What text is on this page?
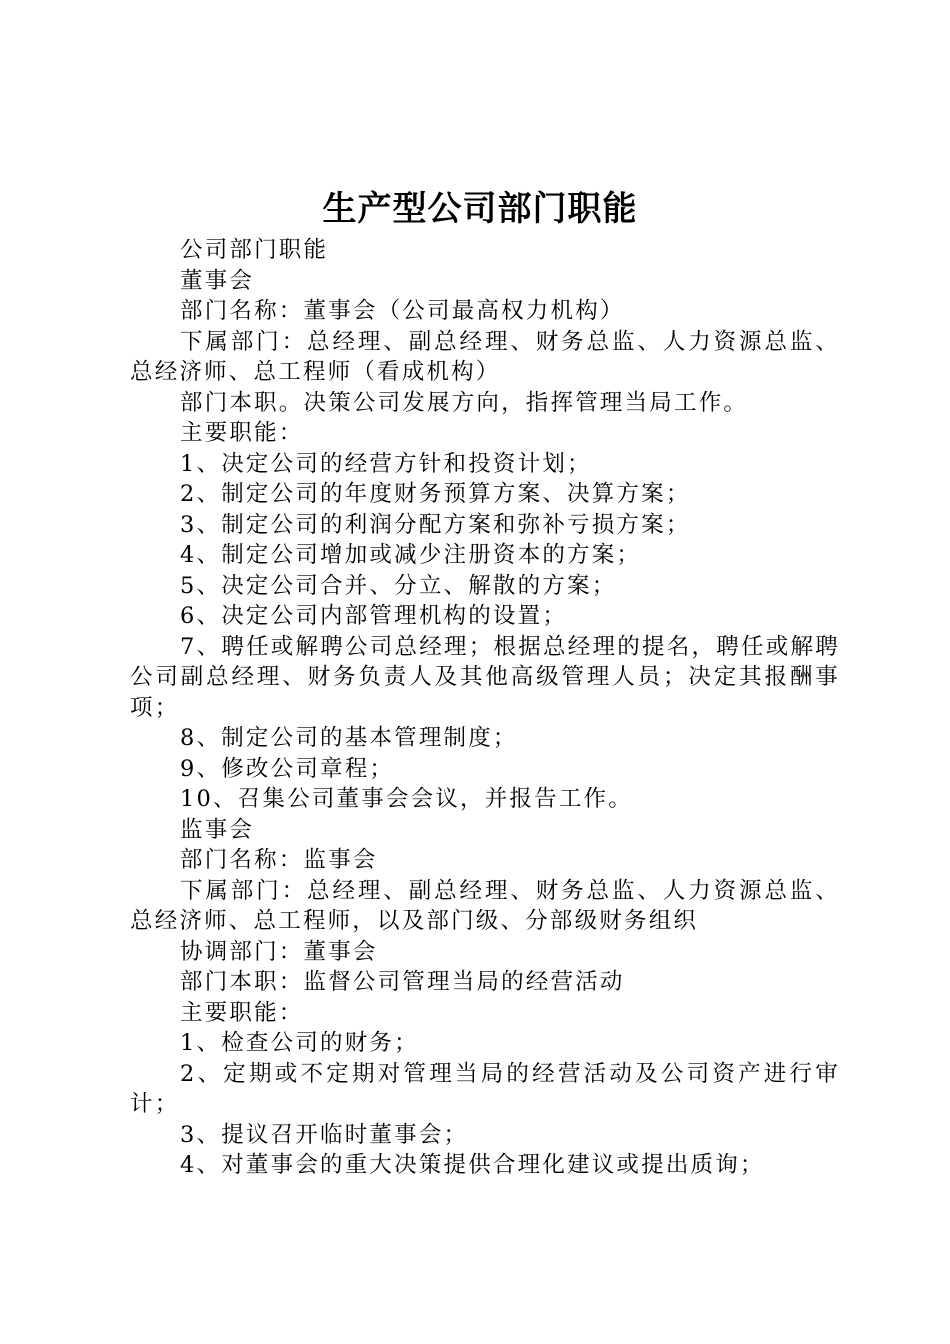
生产型公司部门职能

公司部门职能

董事会

部门名称：董事会（公司最高权力机构）

下属部门：总经理、副总经理、财务总监、人力资源总监、总经济师、总工程师（看成机构）

部门本职。决策公司发展方向，指挥管理当局工作。

主要职能：

1、决定公司的经营方针和投资计划；

2、制定公司的年度财务预算方案、决算方案；

3、制定公司的利润分配方案和弥补亏损方案；

4、制定公司增加或减少注册资本的方案；

5、决定公司合并、分立、解散的方案；

6、决定公司内部管理机构的设置；

7、聘任或解聘公司总经理；根据总经理的提名，聘任或解聘公司副总经理、财务负责人及其他高级管理人员；决定其报酬事项；

8、制定公司的基本管理制度；

9、修改公司章程；

10、召集公司董事会会议，并报告工作。

监事会

部门名称：监事会

下属部门：总经理、副总经理、财务总监、人力资源总监、总经济师、总工程师，以及部门级、分部级财务组织

协调部门：董事会

部门本职：监督公司管理当局的经营活动

主要职能：

1、检查公司的财务；

2、定期或不定期对管理当局的经营活动及公司资产进行审计；

3、提议召开临时董事会；

4、对董事会的重大决策提供合理化建议或提出质询；
